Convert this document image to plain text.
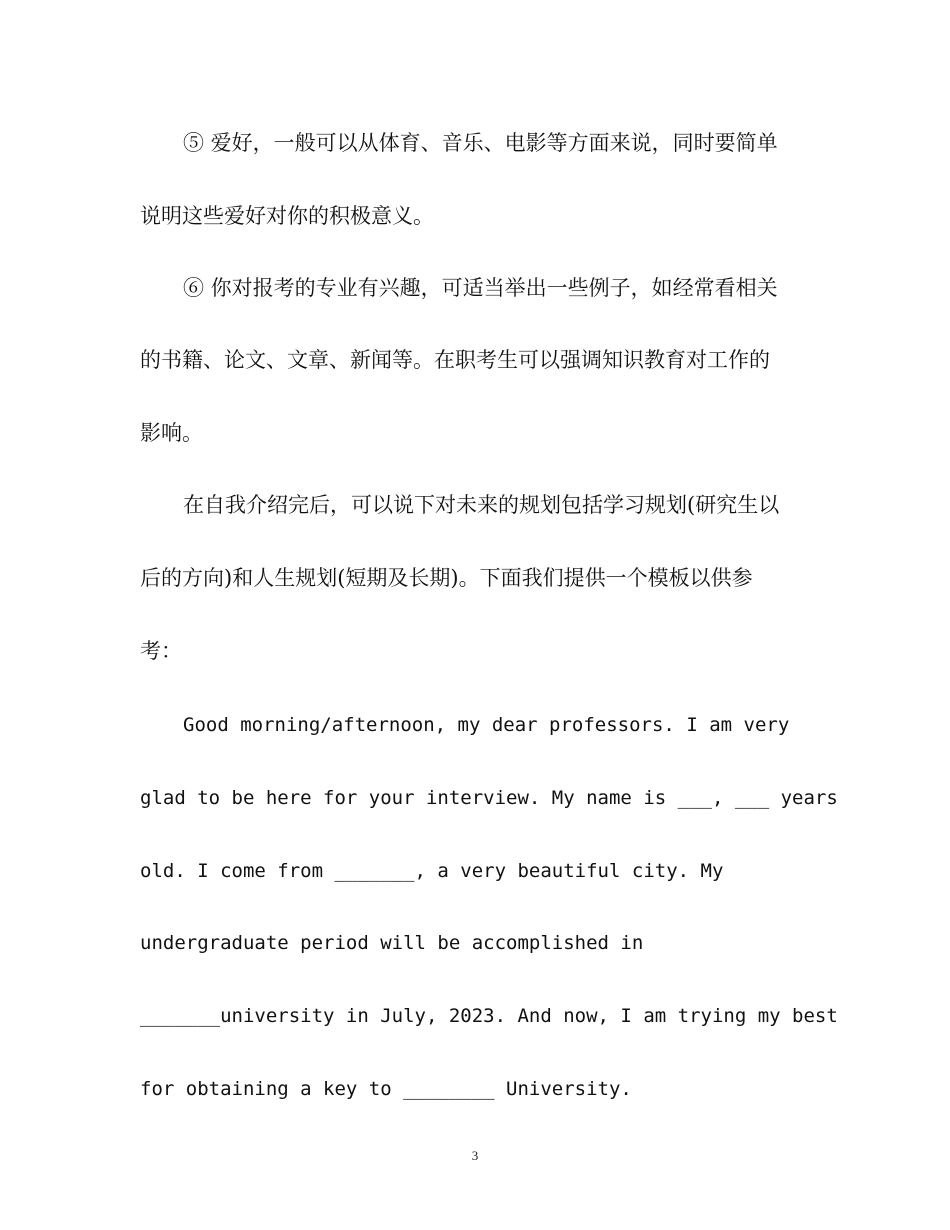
⑤ 爱好，一般可以从体育、音乐、电影等方面来说，同时要简单
说明这些爱好对你的积极意义。
⑥ 你对报考的专业有兴趣，可适当举出一些例子，如经常看相关
的书籍、论文、文章、新闻等。在职考生可以强调知识教育对工作的
影响。
在自我介绍完后，可以说下对未来的规划包括学习规划(研究生以
后的方向)和人生规划(短期及长期)。下面我们提供一个模板以供参
考：
Good morning/afternoon, my dear professors. I am very
glad to be here for your interview. My name is ___, ___ years
old. I come from _______, a very beautiful city. My
undergraduate period will be accomplished in
_______university in July, 2023. And now, I am trying my best
for obtaining a key to ________ University.
3
